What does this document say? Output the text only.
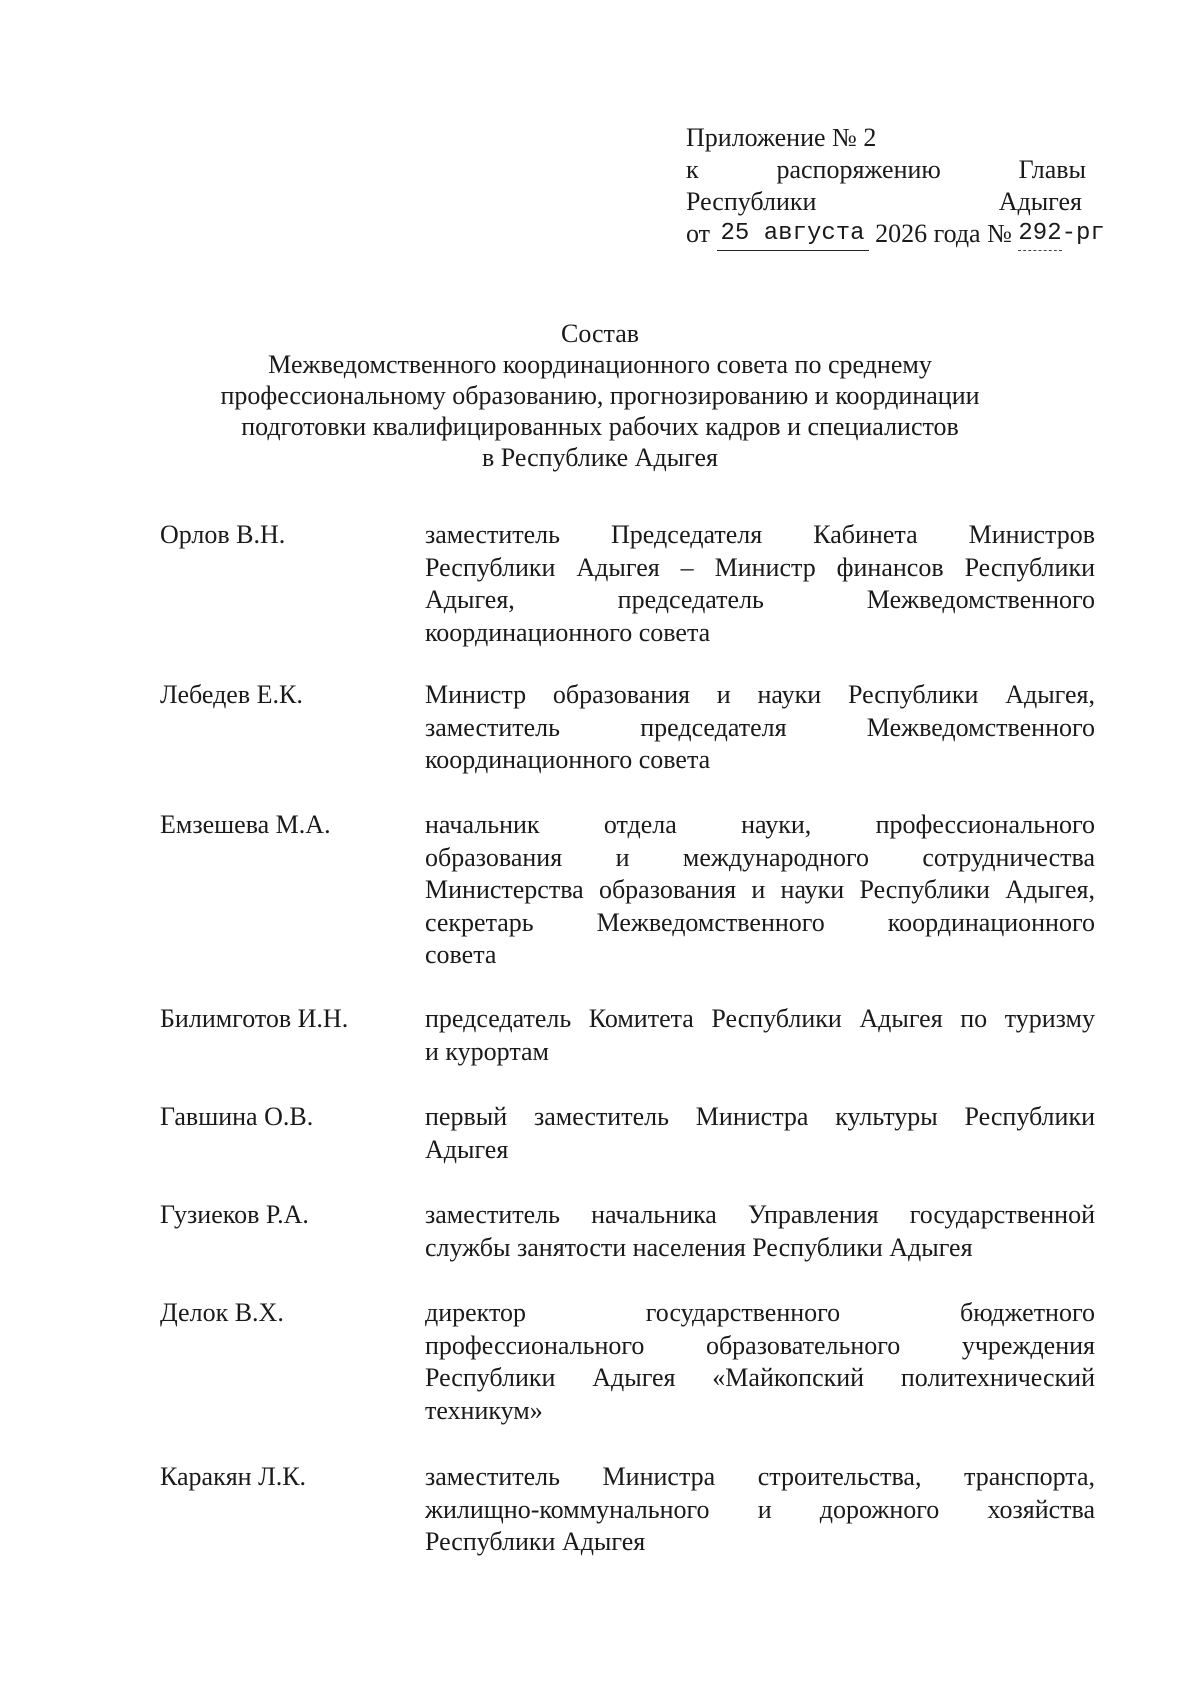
Приложение № 2
к	распоряжению	Главы
Республики	Адыгея
от
25 августа
2026 года №
292 -рг
Состав
Межведомственного координационного совета по среднему
профессиональному образованию, прогнозированию и координации
подготовки квалифицированных рабочих кадров и специалистов
в Республике Адыгея
Орлов В.Н.	заместитель Председателя Кабинета Министров
Республики Адыгея – Министр финансов Республики
Адыгея, председатель Межведомственного
координационного совета
Лебедев Е.К.	Министр образования и науки Республики Адыгея,
заместитель председателя Межведомственного
координационного совета
Емзешева М.А.	начальник отдела науки, профессионального
образования и международного сотрудничества
Министерства образования и науки Республики Адыгея,
секретарь Межведомственного координационного
совета
Билимготов И.Н.	председатель Комитета Республики Адыгея по туризму
и курортам
Гавшина О.В.	первый заместитель Министра культуры Республики
Адыгея
Гузиеков Р.А.	заместитель начальника Управления государственной
службы занятости населения Республики Адыгея
Делок В.Х.	директор государственного бюджетного
профессионального образовательного учреждения
Республики Адыгея «Майкопский политехнический
техникум»
Каракян Л.К.	заместитель Министра строительства, транспорта,
жилищно-коммунального и дорожного хозяйства
Республики Адыгея
